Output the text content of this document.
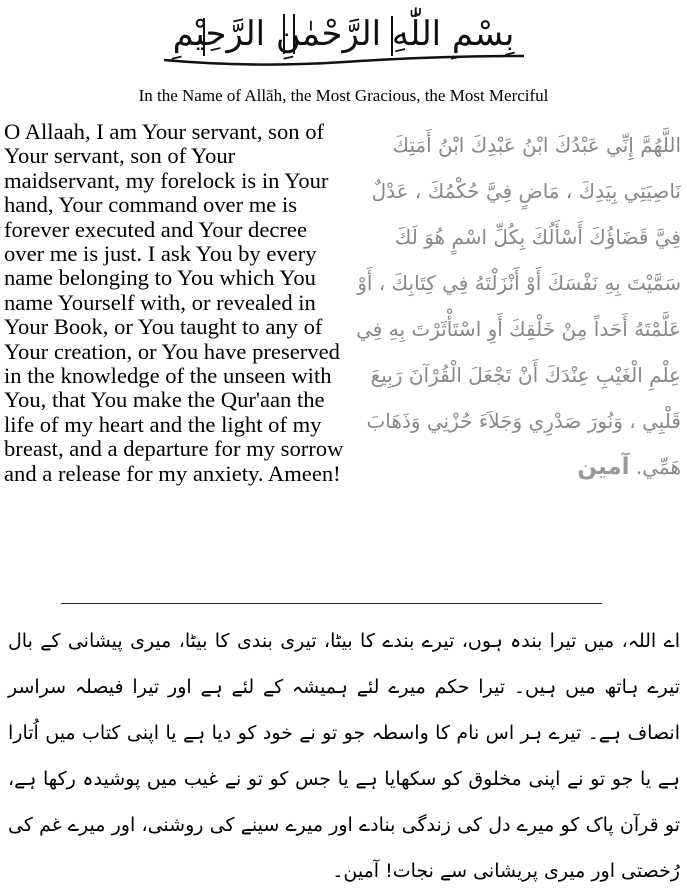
بِسْمِ اللّٰهِ الرَّحْمٰنِ الرَّحِيْمِ
In the Name of Allāh, the Most Gracious, the Most Merciful
O Allaah, I am Your servant, son of Your servant, son of Your maidservant, my forelock is in Your hand, Your command over me is forever executed and Your decree over me is just. I ask You by every name belonging to You which You name Yourself with, or revealed in Your Book, or You taught to any of Your creation, or You have preserved in the knowledge of the unseen with You, that You make the Qur'aan the life of my heart and the light of my breast, and a departure for my sorrow and a release for my anxiety. Ameen!
اللَّهُمَّ إِنِّي عَبْدُكَ ابْنُ عَبْدِكَ ابْنُ أَمَتِكَ نَاصِيَتِي بِيَدِكَ ، مَاضٍ فِيَّ حُكْمُكَ ، عَدْلٌ فِيَّ قَضَاؤُكَ أَسْأَلُكَ بِكُلِّ اسْمٍ هُوَ لَكَ سَمَّيْتَ بِهِ نَفْسَكَ أَوْ أَنْزَلْتَهُ فِي كِتَابِكَ ، أَوْ عَلَّمْتَهُ أَحَداً مِنْ خَلْقِكَ أَوِ اسْتَأْثَرْتَ بِهِ فِي عِلْمِ الْغَيْبِ عِنْدَكَ أَنْ تَجْعَلَ الْقُرْآنَ رَبِيعَ قَلْبِي ، وَنُورَ صَدْرِي وَجَلاَءَ حُزْنِي وَذَهَابَ هَمِّي. آمين
اے اللہ، میں تیرا بندہ ہوں، تیرے بندے کا بیٹا، تیری بندی کا بیٹا، میری پیشانی کے بال تیرے ہاتھ میں ہیں۔ تیرا حکم میرے لئے ہمیشہ کے لئے ہے اور تیرا فیصلہ سراسر انصاف ہے۔ تیرے ہر اس نام کا واسطہ جو تو نے خود کو دیا ہے یا اپنی کتاب میں اُتارا ہے یا جو تو نے اپنی مخلوق کو سکھایا ہے یا جس کو تو نے غیب میں پوشیدہ رکھا ہے، تو قرآن پاک کو میرے دل کی زندگی بنادے اور میرے سینے کی روشنی، اور میرے غم کی رُخصتی اور میری پریشانی سے نجات! آمین۔
